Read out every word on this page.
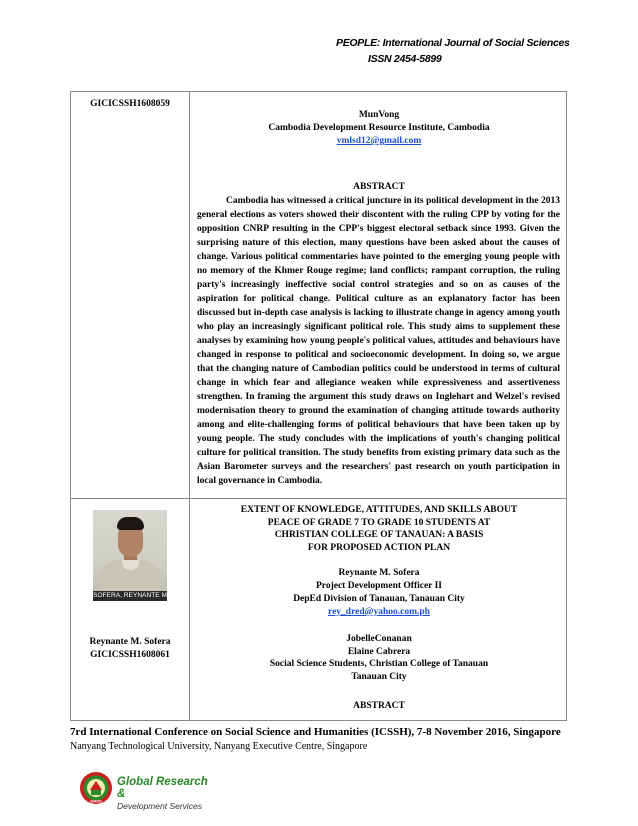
PEOPLE: International Journal of Social Sciences
ISSN 2454-5899
GICICSSH1608059
MunVong
Cambodia Development Resource Institute, Cambodia
vmlsd12@gmail.com
ABSTRACT
Cambodia has witnessed a critical juncture in its political development in the 2013 general elections as voters showed their discontent with the ruling CPP by voting for the opposition CNRP resulting in the CPP's biggest electoral setback since 1993. Given the surprising nature of this election, many questions have been asked about the causes of change. Various political commentaries have pointed to the emerging young people with no memory of the Khmer Rouge regime; land conflicts; rampant corruption, the ruling party's increasingly ineffective social control strategies and so on as causes of the aspiration for political change. Political culture as an explanatory factor has been discussed but in-depth case analysis is lacking to illustrate change in agency among youth who play an increasingly significant political role. This study aims to supplement these analyses by examining how young people's political values, attitudes and behaviours have changed in response to political and socioeconomic development. In doing so, we argue that the changing nature of Cambodian politics could be understood in terms of cultural change in which fear and allegiance weaken while expressiveness and assertiveness strengthen. In framing the argument this study draws on Inglehart and Welzel's revised modernisation theory to ground the examination of changing attitude towards authority among and elite-challenging forms of political behaviours that have been taken up by young people. The study concludes with the implications of youth's changing political culture for political transition. The study benefits from existing primary data such as the Asian Barometer surveys and the researchers' past research on youth participation in local governance in Cambodia.
SOFERA, REYNANTE M
Reynante M. Sofera
GICICSSH1608061
EXTENT OF KNOWLEDGE, ATTITUDES, AND SKILLS ABOUT
PEACE OF GRADE 7 TO GRADE 10 STUDENTS AT
CHRISTIAN COLLEGE OF TANAUAN: A BASIS
FOR PROPOSED ACTION PLAN
Reynante M. Sofera
Project Development Officer II
DepEd Division of Tanauan, Tanauan City
rey_dred@yahoo.com.ph
JobelleConanan
Elaine Cabrera
Social Science Students, Christian College of Tanauan
Tanauan City
ABSTRACT
7rd International Conference on Social Science and Humanities (ICSSH), 7-8 November 2016, Singapore
Nanyang Technological University, Nanyang Executive Centre, Singapore
GRDS
Global Research &
Development Services
